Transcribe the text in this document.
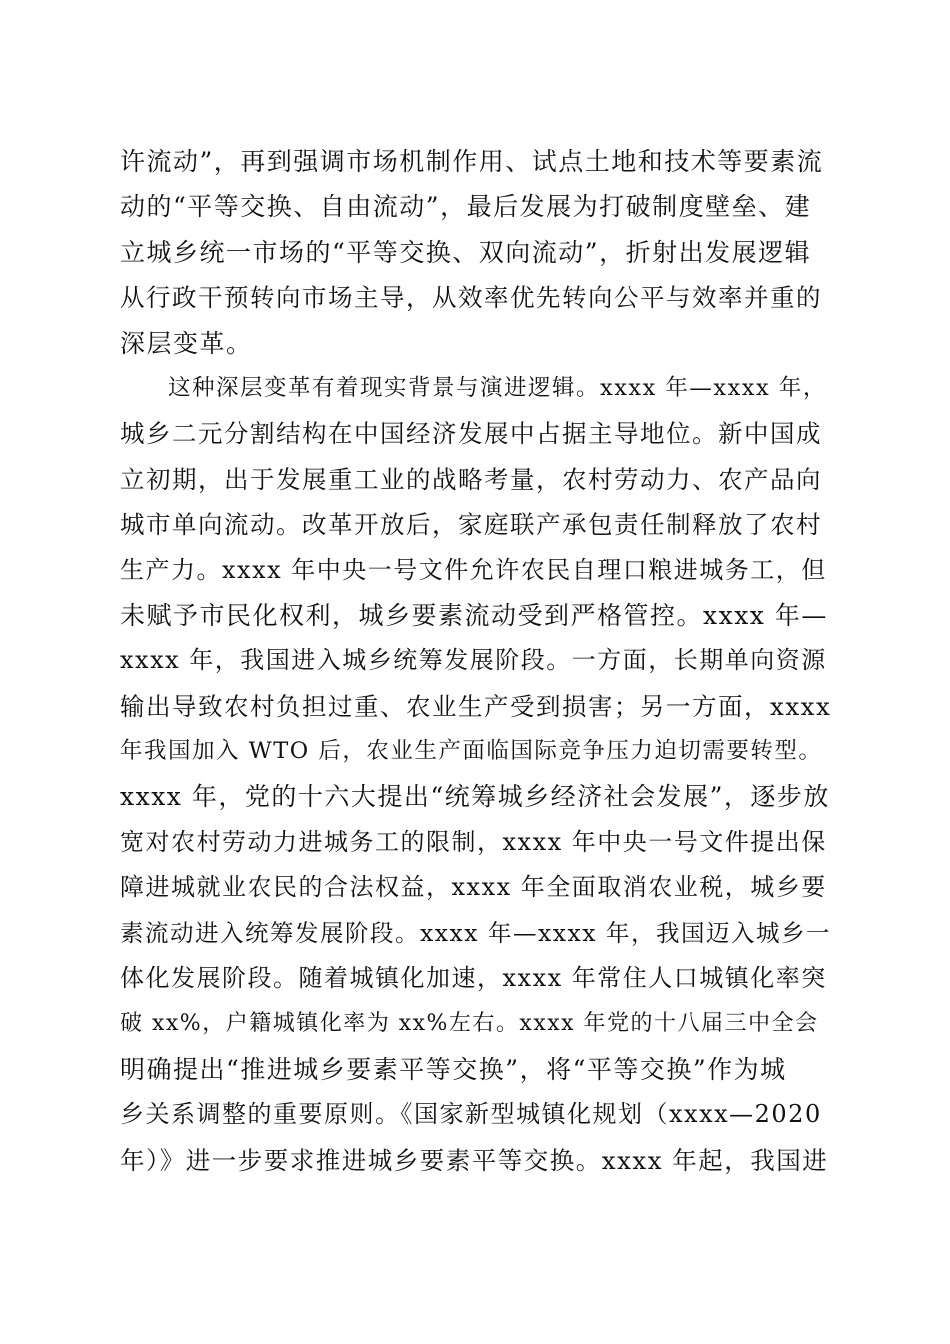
许流动”，再到强调市场机制作用、试点土地和技术等要素流
动的“平等交换、自由流动”，最后发展为打破制度壁垒、建
立城乡统一市场的“平等交换、双向流动”，折射出发展逻辑
从行政干预转向市场主导，从效率优先转向公平与效率并重的
深层变革。
　　这种深层变革有着现实背景与演进逻辑。xxxx 年—xxxx 年，
城乡二元分割结构在中国经济发展中占据主导地位。新中国成
立初期，出于发展重工业的战略考量，农村劳动力、农产品向
城市单向流动。改革开放后，家庭联产承包责任制释放了农村
生产力。xxxx 年中央一号文件允许农民自理口粮进城务工，但
未赋予市民化权利，城乡要素流动受到严格管控。xxxx 年—
xxxx 年，我国进入城乡统筹发展阶段。一方面，长期单向资源
输出导致农村负担过重、农业生产受到损害；另一方面，xxxx
年我国加入 WTO 后，农业生产面临国际竞争压力迫切需要转型。
xxxx 年，党的十六大提出“统筹城乡经济社会发展”，逐步放
宽对农村劳动力进城务工的限制，xxxx 年中央一号文件提出保
障进城就业农民的合法权益，xxxx 年全面取消农业税，城乡要
素流动进入统筹发展阶段。xxxx 年—xxxx 年，我国迈入城乡一
体化发展阶段。随着城镇化加速，xxxx 年常住人口城镇化率突
破 xx%，户籍城镇化率为 xx%左右。xxxx 年党的十八届三中全会
明确提出“推进城乡要素平等交换”，将“平等交换”作为城
乡关系调整的重要原则。《国家新型城镇化规划（xxxx—2020
年）》进一步要求推进城乡要素平等交换。xxxx 年起，我国进
